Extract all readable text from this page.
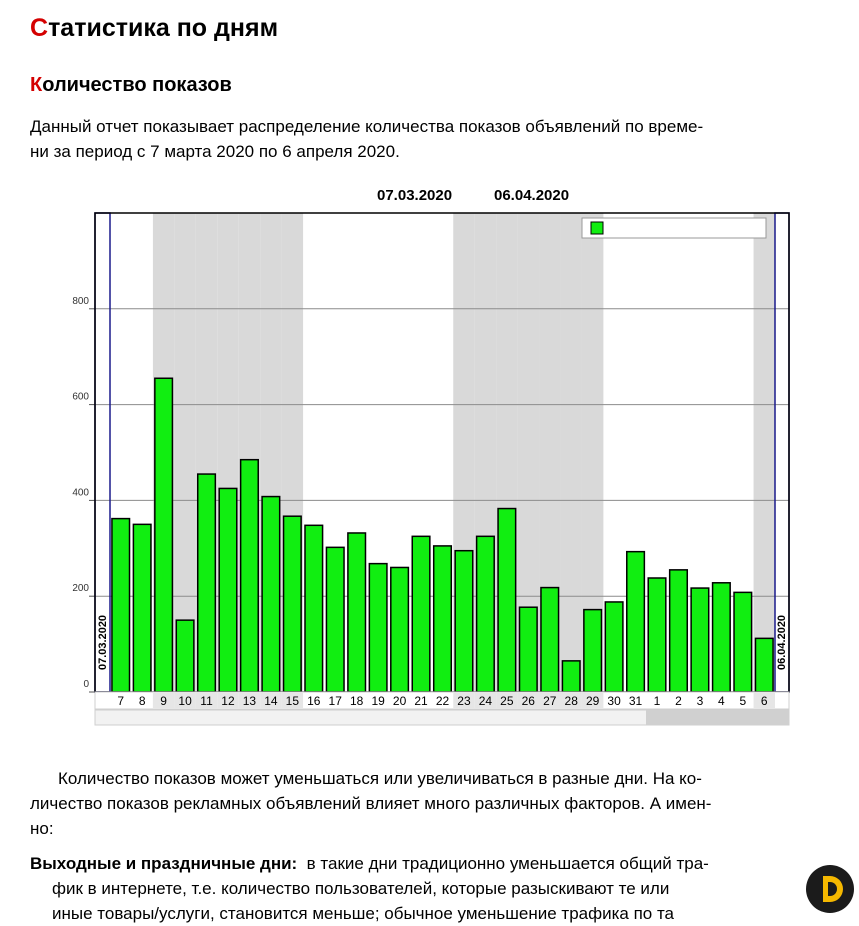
Статистика по дням
Количество показов

Данный отчет показывает распределение количества показов объявлений по време-

ни за период с 7 марта 2020 по 6 апреля 2020.

07.03.2020	06.04.2020
0
200
400
600
800
07.03.2020	06.04.2020
7 8 9 10 11 12 13 14 15 16 17 18 19 20 21 22 23 24 25 26 27 28 29 30 31 1 2 3 4 5 6

Количество показов может уменьшаться или увеличиваться в разные дни. На ко-

личество показов рекламных объявлений влияет много различных факторов. А имен-

но:

Выходные и праздничные дни: в такие дни традиционно уменьшается общий тра-

фик в интернете, т.е. количество пользователей, которые разыскивают те или

иные товары/услуги, становится меньше; обычное уменьшение трафика по та
